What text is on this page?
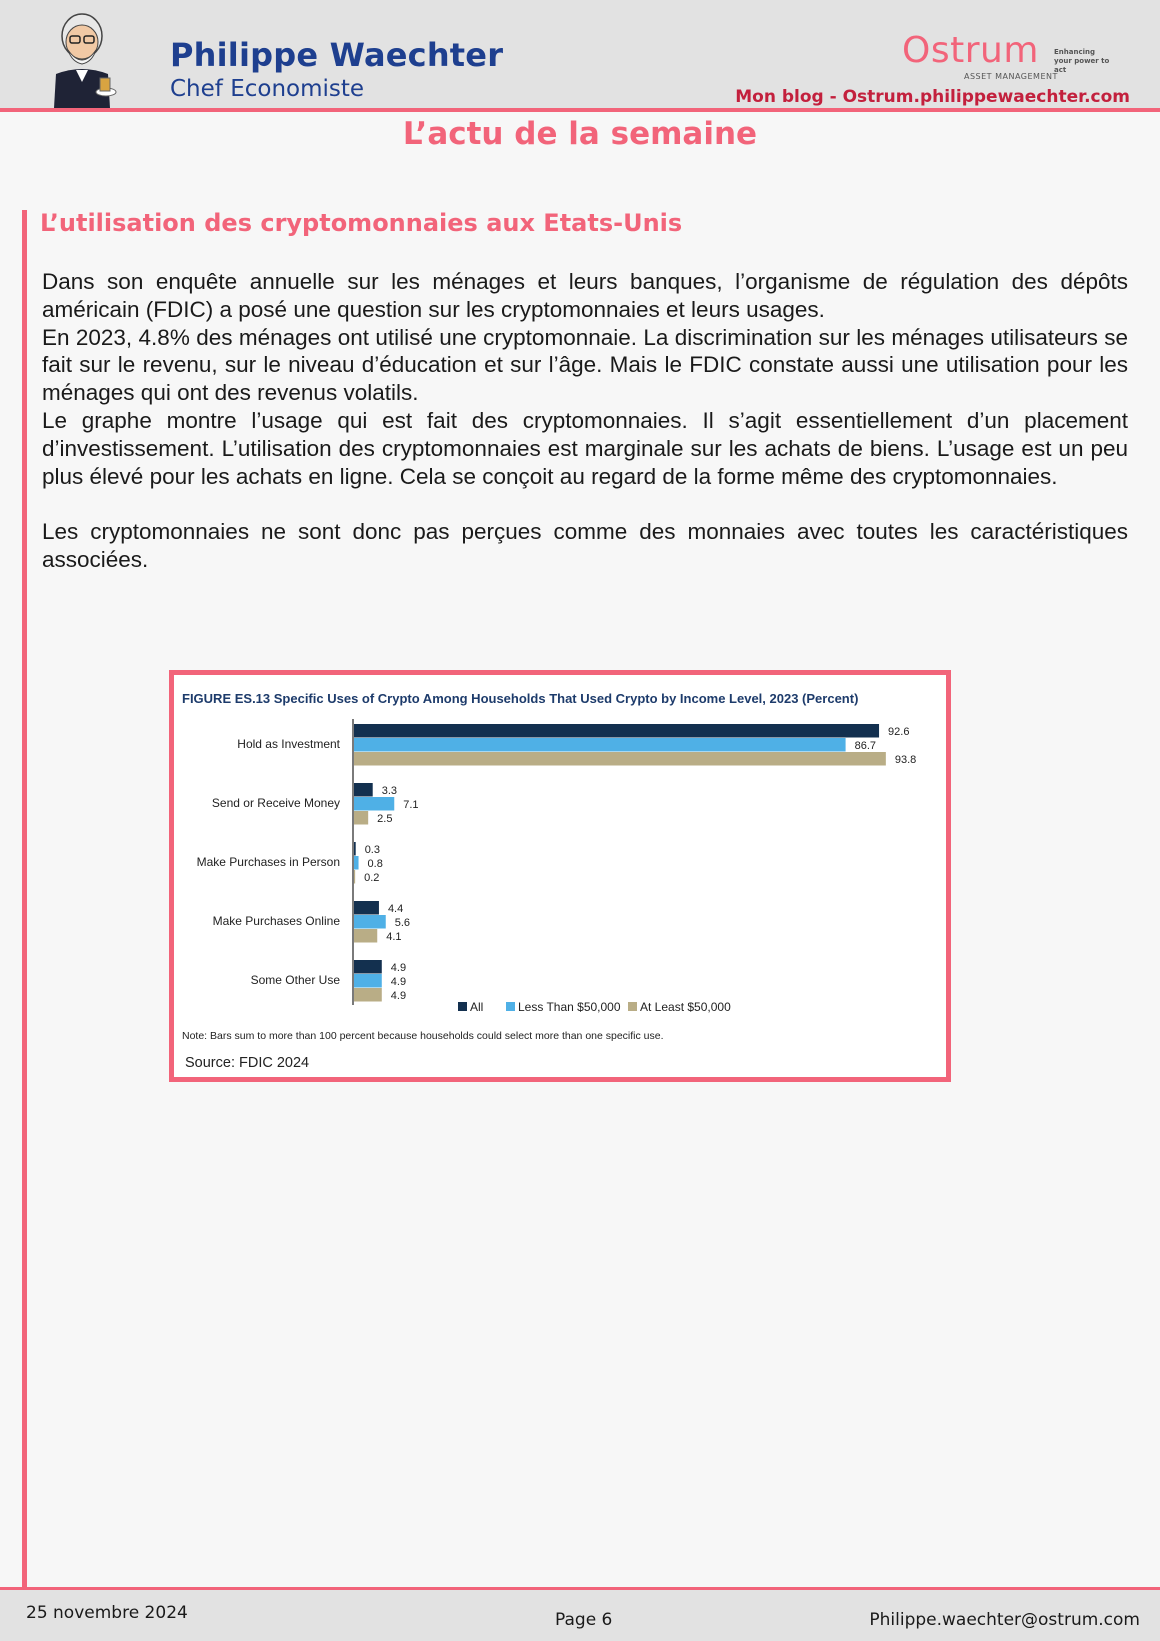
Philippe Waechter
Chef Economiste
Ostrum
ASSET MANAGEMENT
Enhancing your power to act
Mon blog - Ostrum.philippewaechter.com
L’actu de la semaine
L’utilisation des cryptomonnaies aux Etats-Unis

Dans son enquête annuelle sur les ménages et leurs banques, l’organisme de régulation des dépôts américain (FDIC) a posé une question sur les cryptomonnaies et leurs usages.

En 2023, 4.8% des ménages ont utilisé une cryptomonnaie. La discrimination sur les ménages utilisateurs se fait sur le revenu, sur le niveau d’éducation et sur l’âge. Mais le FDIC constate aussi une utilisation pour les ménages qui ont des revenus volatils.

Le graphe montre l’usage qui est fait des cryptomonnaies. Il s’agit essentiellement d’un placement d’investissement. L’utilisation des cryptomonnaies est marginale sur les achats de biens. L’usage est un peu plus élevé pour les achats en ligne. Cela se conçoit au regard de la forme même des cryptomonnaies.

Les cryptomonnaies ne sont donc pas perçues comme des monnaies avec toutes les caractéristiques associées.

FIGURE ES.13 Specific Uses of Crypto Among Households That Used Crypto by Income Level, 2023 (Percent)
Hold as Investment
92.6
86.7
93.8
Send or Receive Money
3.3
7.1
2.5
Make Purchases in Person
0.3
0.8
0.2
Make Purchases Online
4.4
5.6
4.1
Some Other Use
4.9
4.9
4.9
All	Less Than $50,000 At Least $50,000
Note: Bars sum to more than 100 percent because households could select more than one specific use.
Source: FDIC 2024
25 novembre 2024	Page 6	Philippe.waechter@ostrum.com
